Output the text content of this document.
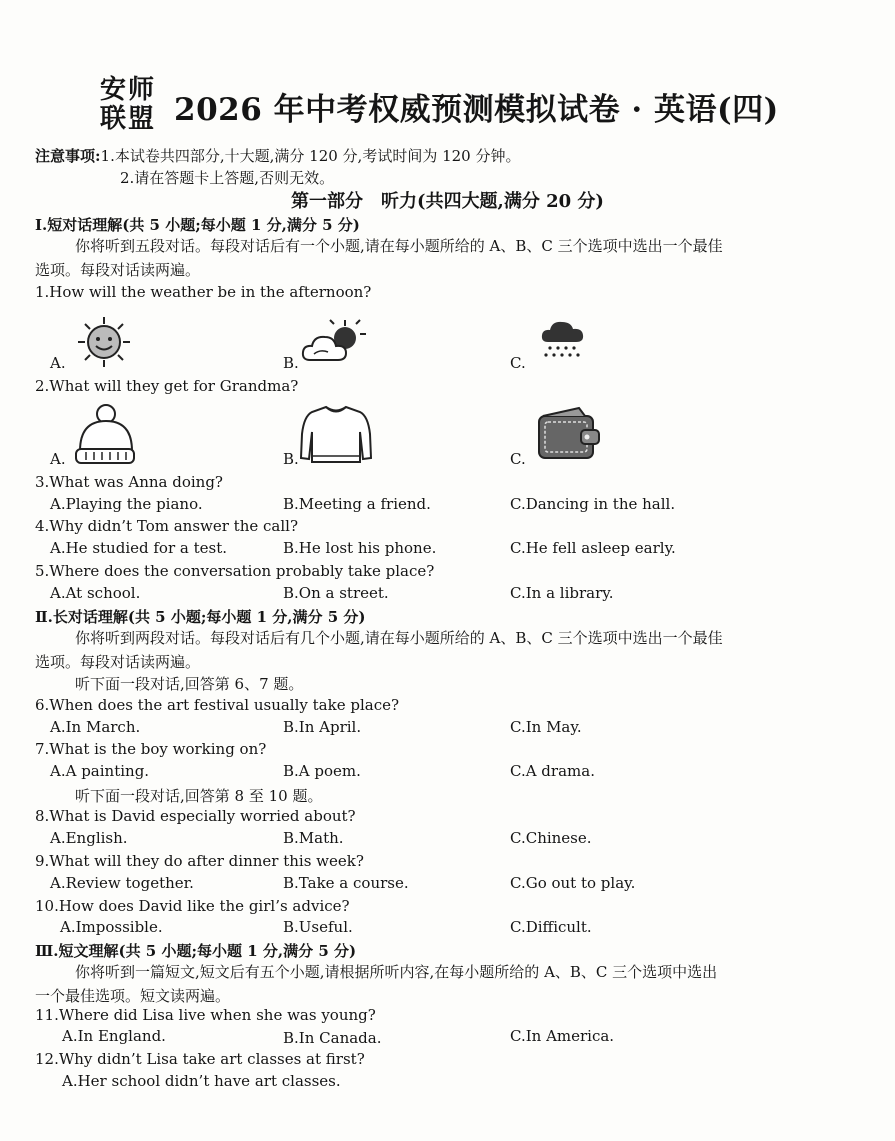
安师
联盟 2026 年中考权威预测模拟试卷 · 英语(四)
注意事项:1.本试卷共四部分,十大题,满分 120 分,考试时间为 120 分钟。
2.请在答题卡上答题,否则无效。
第一部分　听力(共四大题,满分 20 分)
Ⅰ.短对话理解(共 5 小题;每小题 1 分,满分 5 分)
你将听到五段对话。每段对话后有一个小题,请在每小题所给的 A、B、C 三个选项中选出一个最佳
选项。每段对话读两遍。
1.How will the weather be in the afternoon?
A.	B.	C.
2.What will they get for Grandma?
A.	B.	C.
3.What was Anna doing?
A.Playing the piano.	B.Meeting a friend.	C.Dancing in the hall.
4.Why didn’t Tom answer the call?
A.He studied for a test.	B.He lost his phone.	C.He fell asleep early.
5.Where does the conversation probably take place?
A.At school.	B.On a street.	C.In a library.
Ⅱ.长对话理解(共 5 小题;每小题 1 分,满分 5 分)
你将听到两段对话。每段对话后有几个小题,请在每小题所给的 A、B、C 三个选项中选出一个最佳
选项。每段对话读两遍。
听下面一段对话,回答第 6、7 题。
6.When does the art festival usually take place?
A.In March.	B.In April.	C.In May.
7.What is the boy working on?
A.A painting.	B.A poem.	C.A drama.
听下面一段对话,回答第 8 至 10 题。
8.What is David especially worried about?
A.English.	B.Math.	C.Chinese.
9.What will they do after dinner this week?
A.Review together.	B.Take a course.	C.Go out to play.
10.How does David like the girl’s advice?
A.Impossible.	B.Useful.	C.Difficult.
Ⅲ.短文理解(共 5 小题;每小题 1 分,满分 5 分)
你将听到一篇短文,短文后有五个小题,请根据所听内容,在每小题所给的 A、B、C 三个选项中选出
一个最佳选项。短文读两遍。
11.Where did Lisa live when she was young?
A.In England.	B.In Canada.	C.In America.
12.Why didn’t Lisa take art classes at first?
A.Her school didn’t have art classes.
